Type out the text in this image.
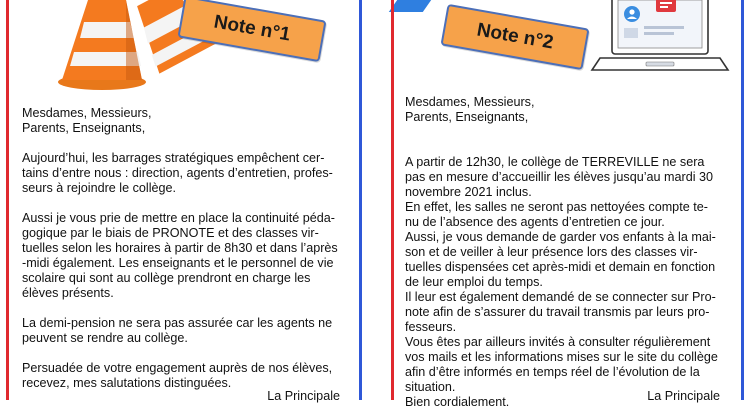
Note n°1

Mesdames, Messieurs,
Parents, Enseignants,

Aujourd’hui, les barrages stratégiques empêchent cer-
tains d’entre nous : direction, agents d’entretien, profes-
seurs à rejoindre le collège.

Aussi je vous prie de mettre en place la continuité péda-
gogique par le biais de PRONOTE et des classes vir-
tuelles selon les horaires à partir de 8h30 et dans l’après
-midi également. Les enseignants et le personnel de vie
scolaire qui sont au collège prendront en charge les
élèves présents.

La demi-pension ne sera pas assurée car les agents ne
peuvent se rendre au collège.

Persuadée de votre engagement auprès de nos élèves,
recevez, mes salutations distinguées.

La Principale
Note n°2

Mesdames, Messieurs,
Parents, Enseignants,

A partir de 12h30, le collège de TERREVILLE ne sera
pas en mesure d’accueillir les élèves jusqu’au mardi 30
novembre 2021 inclus.

En effet, les salles ne seront pas nettoyées compte te-
nu de l’absence des agents d’entretien ce jour.
Aussi, je vous demande de garder vos enfants à la mai-
son et de veiller à leur présence lors des classes vir-
tuelles dispensées cet après-midi et demain en fonction
de leur emploi du temps.
Il leur est également demandé de se connecter sur Pro-
note afin de s’assurer du travail transmis par leurs pro-
fesseurs.
Vous êtes par ailleurs invités à consulter régulièrement
vos mails et les informations mises sur le site du collège
afin d’être informés en temps réel de l’évolution de la
situation.
Bien cordialement.	La Principale
